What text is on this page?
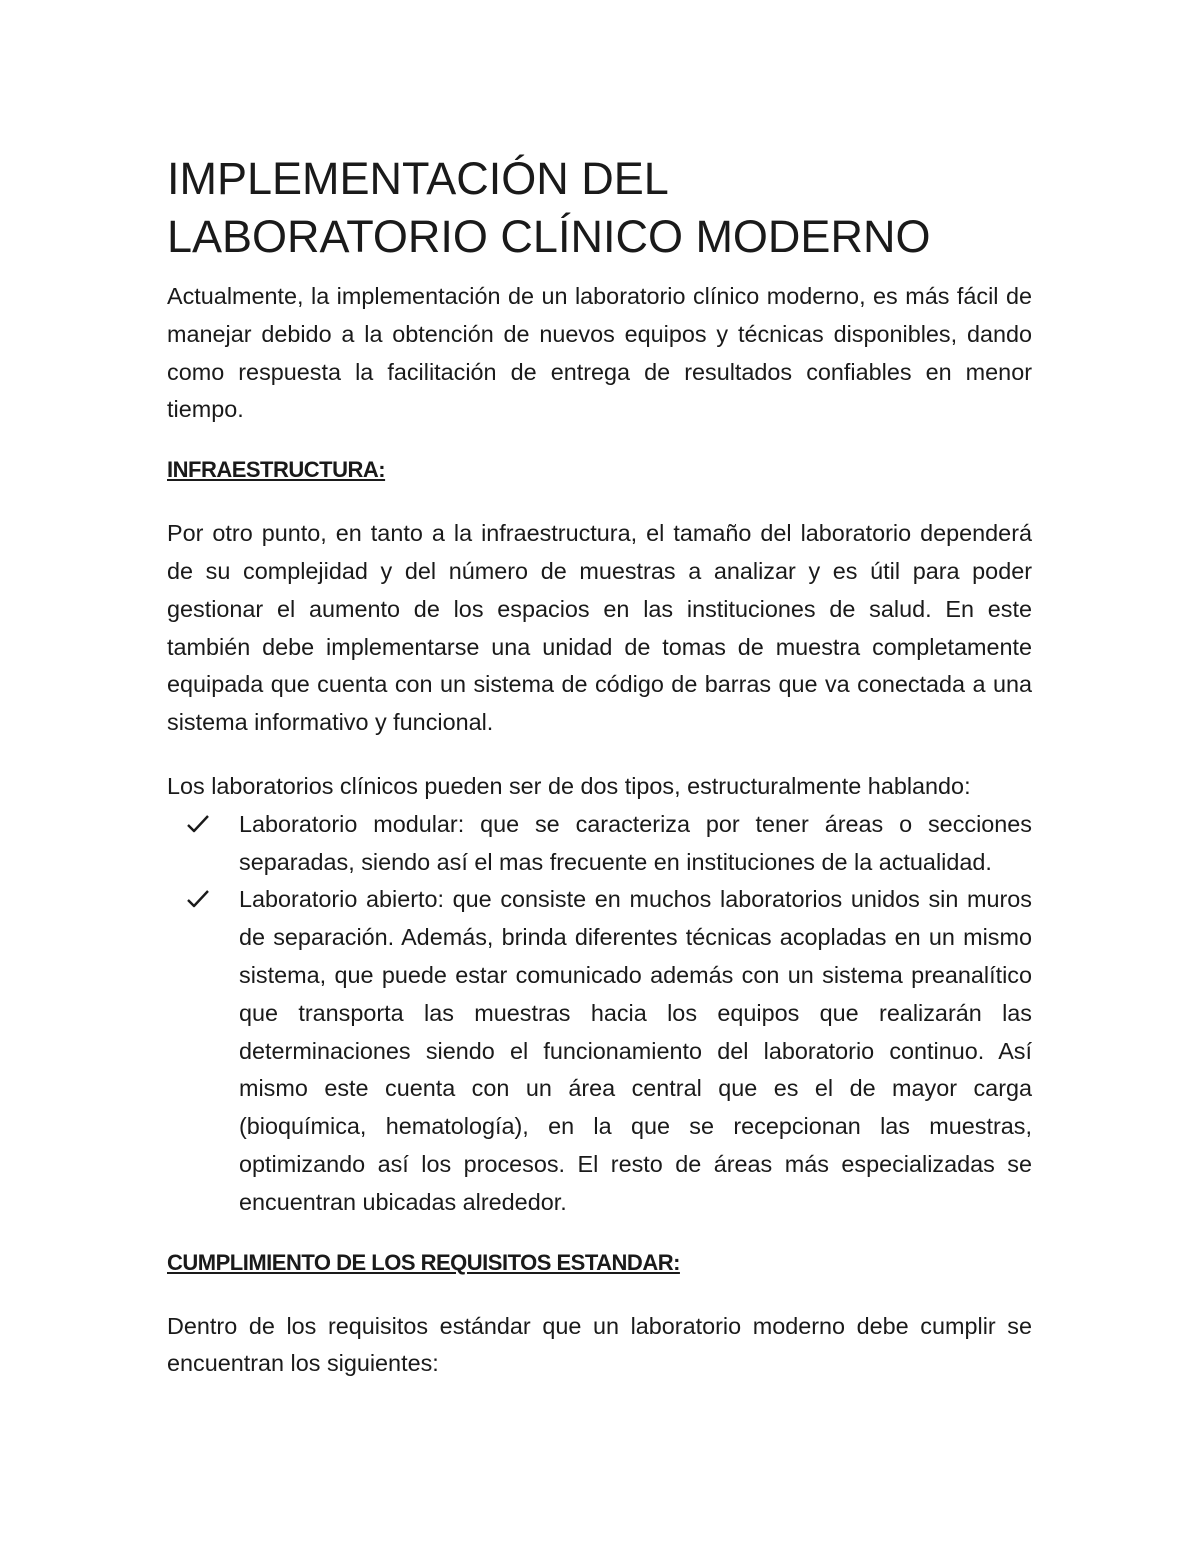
IMPLEMENTACIÓN DEL
LABORATORIO CLÍNICO MODERNO

Actualmente, la implementación de un laboratorio clínico moderno, es más fácil de manejar debido a la obtención de nuevos equipos y técnicas disponibles, dando como respuesta la facilitación de entrega de resultados confiables en menor tiempo.

INFRAESTRUCTURA:

Por otro punto, en tanto a la infraestructura, el tamaño del laboratorio dependerá de su complejidad y del número de muestras a analizar y es útil para poder gestionar el aumento de los espacios en las instituciones de salud. En este también debe implementarse una unidad de tomas de muestra completamente equipada que cuenta con un sistema de código de barras que va conectada a una sistema informativo y funcional.

Los laboratorios clínicos pueden ser de dos tipos, estructuralmente hablando:

Laboratorio modular: que se caracteriza por tener áreas o secciones separadas, siendo así el mas frecuente en instituciones de la actualidad.
Laboratorio abierto: que consiste en muchos laboratorios unidos sin muros de separación. Además, brinda diferentes técnicas acopladas en un mismo sistema, que puede estar comunicado además con un sistema preanalítico que transporta las muestras hacia los equipos que realizarán las determinaciones siendo el funcionamiento del laboratorio continuo. Así mismo este cuenta con un área central que es el de mayor carga (bioquímica, hematología), en la que se recepcionan las muestras, optimizando así los procesos. El resto de áreas más especializadas se encuentran ubicadas alrededor.
CUMPLIMIENTO DE LOS REQUISITOS ESTANDAR:

Dentro de los requisitos estándar que un laboratorio moderno debe cumplir se encuentran los siguientes:
